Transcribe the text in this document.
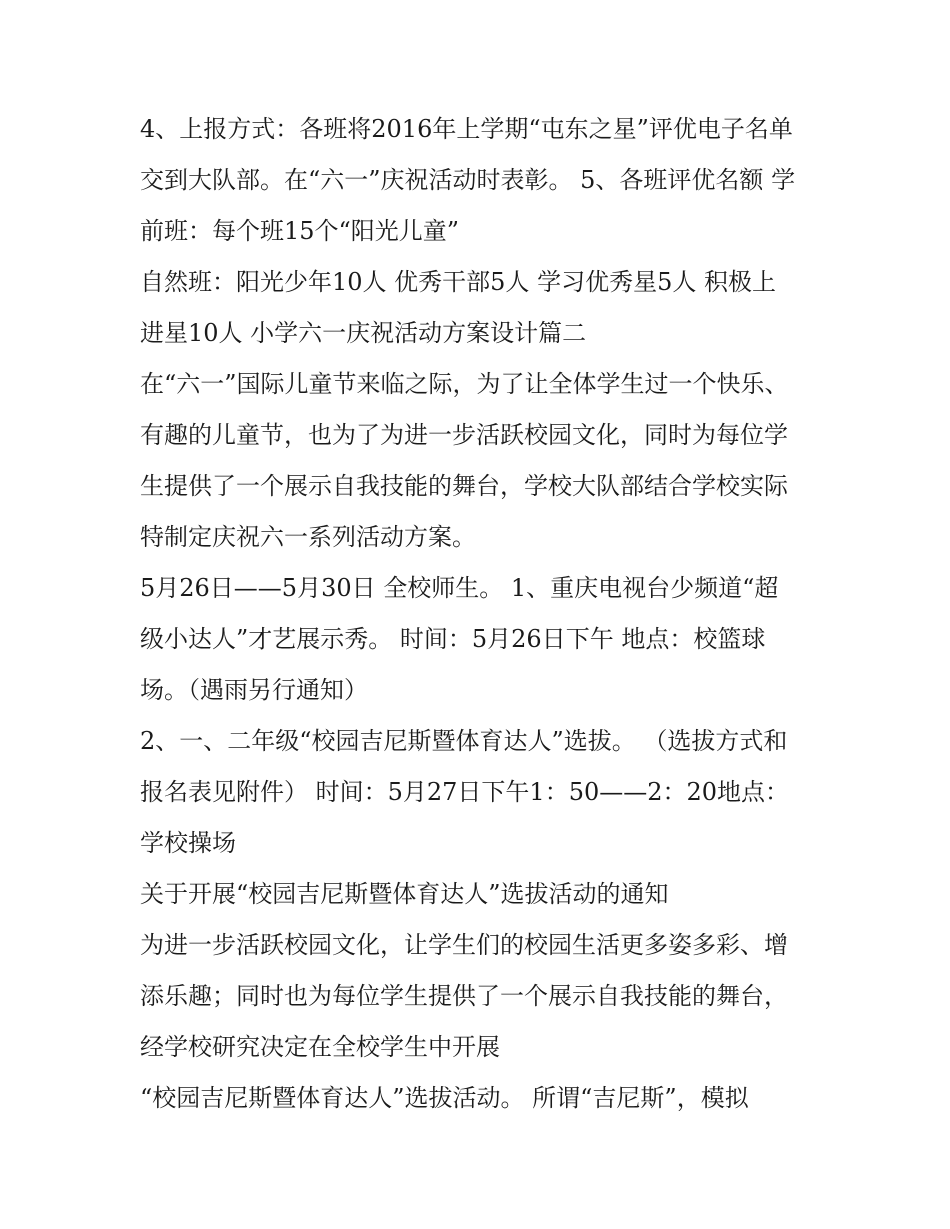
4、上报方式：各班将2016年上学期“屯东之星”评优电子名单

交到大队部。在“六一”庆祝活动时表彰。 5、各班评优名额 学

前班：每个班15个“阳光儿童”

自然班：阳光少年10人 优秀干部5人 学习优秀星5人 积极上

进星10人 小学六一庆祝活动方案设计篇二

在“六一”国际儿童节来临之际，为了让全体学生过一个快乐、

有趣的儿童节，也为了为进一步活跃校园文化，同时为每位学

生提供了一个展示自我技能的舞台，学校大队部结合学校实际

特制定庆祝六一系列活动方案。

5月26日——5月30日 全校师生。 1、重庆电视台少频道“超

级小达人”才艺展示秀。 时间：5月26日下午 地点：校篮球

场。（遇雨另行通知）

2、一、二年级“校园吉尼斯暨体育达人”选拔。 （选拔方式和

报名表见附件） 时间：5月27日下午1：50——2：20地点：

学校操场

关于开展“校园吉尼斯暨体育达人”选拔活动的通知

为进一步活跃校园文化，让学生们的校园生活更多姿多彩、增

添乐趣；同时也为每位学生提供了一个展示自我技能的舞台，

经学校研究决定在全校学生中开展

“校园吉尼斯暨体育达人”选拔活动。 所谓“吉尼斯”，模拟
